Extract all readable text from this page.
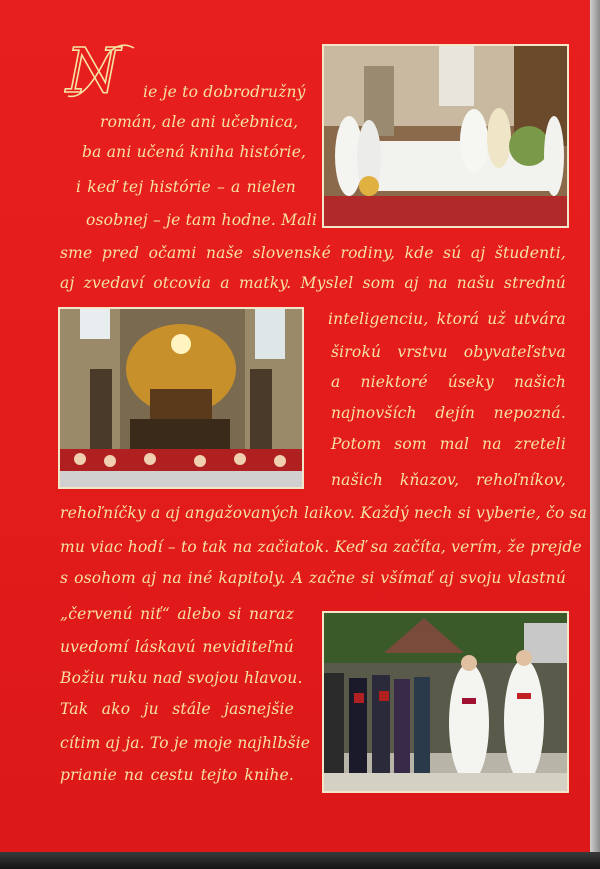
N ie je to dobrodružný
román, ale ani učebnica,
ba ani učená kniha histórie,
i keď tej histórie – a nielen
osobnej – je tam hodne. Mali
sme pred očami naše slovenské rodiny, kde sú aj študenti,
aj zvedaví otcovia a matky. Myslel som aj na našu strednú
inteligenciu, ktorá už utvára
širokú vrstvu obyvateľstva
a niektoré úseky našich
najnovších dejín nepozná.
Potom som mal na zreteli
našich kňazov, rehoľníkov,
rehoľníčky a aj angažovaných laikov. Každý nech si vyberie, čo sa
mu viac hodí – to tak na začiatok. Keď sa začíta, verím, že prejde
s osohom aj na iné kapitoly. A začne si všímať aj svoju vlastnú
„červenú niť“ alebo si naraz
uvedomí láskavú neviditeľnú
Božiu ruku nad svojou hlavou.
Tak ako ju stále jasnejšie
cítim aj ja. To je moje najhlbšie
prianie na cestu tejto knihe.
